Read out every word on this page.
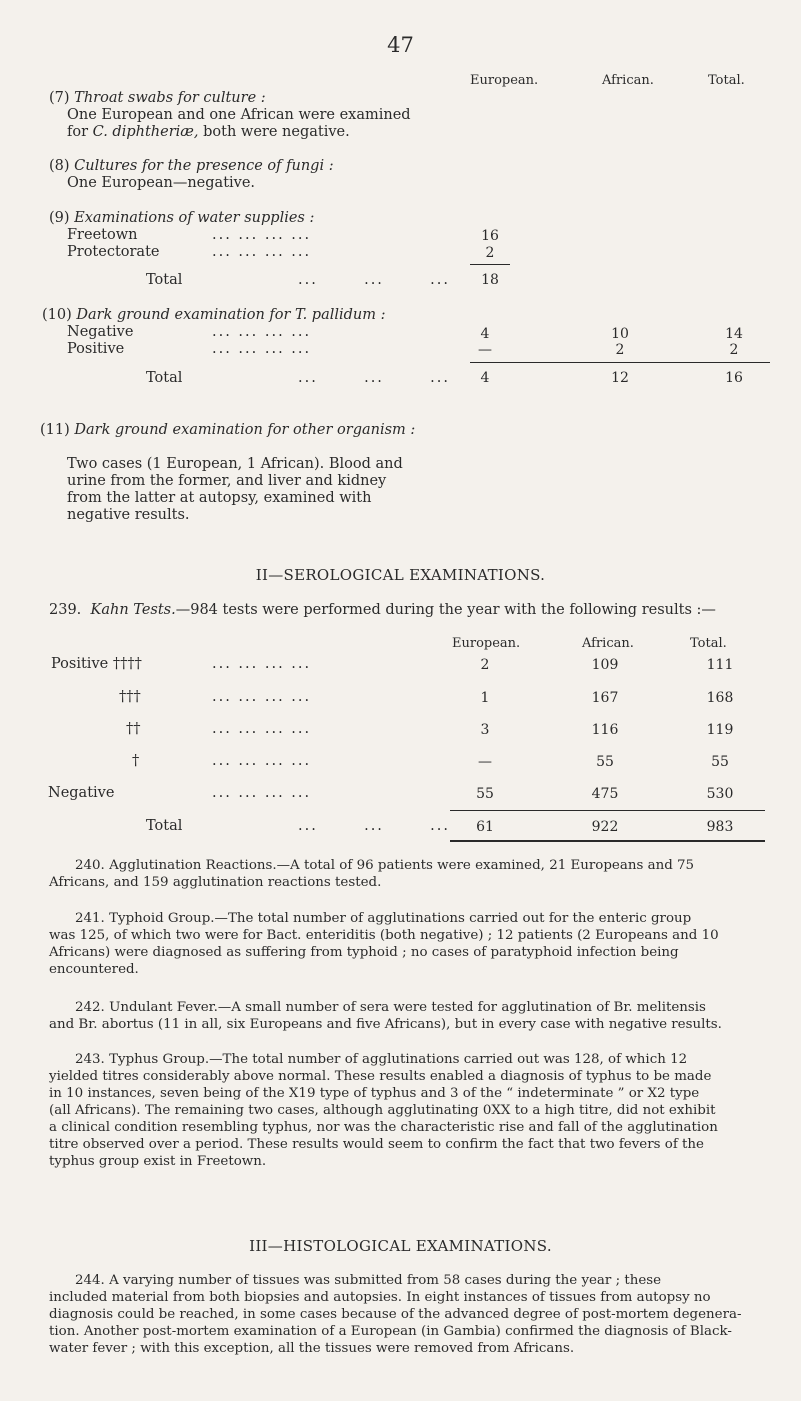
47
European.	African.	Total.
(7) Throat swabs for culture :
One European and one African were examined
for C. diphtheriæ, both were negative.
(8) Cultures for the presence of fungi :
One European—negative.
(9) Examinations of water supplies :
Freetown	... ... ... ...	16
Protectorate	... ... ... ...	2
Total	...       ...       ...	18
(10) Dark ground examination for T. pallidum :
Negative	... ... ... ...	4	10	14
Positive	... ... ... ...	—	2	2
Total	...       ...       ...	4	12	16
(11) Dark ground examination for other organism :
Two cases (1 European, 1 African). Blood and
urine from the former, and liver and kidney
from the latter at autopsy, examined with
negative results.
II—SEROLOGICAL EXAMINATIONS.
239. Kahn Tests.—984 tests were performed during the year with the following results :—
European.	African.	Total.
Positive ††††	... ... ... ...	2	109	111
†††	... ... ... ...	1	167	168
††	... ... ... ...	3	116	119
†	... ... ... ...	—	55	55
Negative	... ... ... ...	55	475	530
Total	...       ...       ...	61	922	983
240. Agglutination Reactions.—A total of 96 patients were examined, 21 Europeans and 75
Africans, and 159 agglutination reactions tested.
241. Typhoid Group.—The total number of agglutinations carried out for the enteric group
was 125, of which two were for Bact. enteriditis (both negative) ; 12 patients (2 Europeans and 10
Africans) were diagnosed as suffering from typhoid ; no cases of paratyphoid infection being
encountered.
242. Undulant Fever.—A small number of sera were tested for agglutination of Br. melitensis
and Br. abortus (11 in all, six Europeans and five Africans), but in every case with negative results.
243. Typhus Group.—The total number of agglutinations carried out was 128, of which 12
yielded titres considerably above normal. These results enabled a diagnosis of typhus to be made
in 10 instances, seven being of the X19 type of typhus and 3 of the “ indeterminate ” or X2 type
(all Africans). The remaining two cases, although agglutinating 0XX to a high titre, did not exhibit
a clinical condition resembling typhus, nor was the characteristic rise and fall of the agglutination
titre observed over a period. These results would seem to confirm the fact that two fevers of the
typhus group exist in Freetown.
III—HISTOLOGICAL EXAMINATIONS.
244. A varying number of tissues was submitted from 58 cases during the year ; these
included material from both biopsies and autopsies. In eight instances of tissues from autopsy no
diagnosis could be reached, in some cases because of the advanced degree of post-mortem degenera-
tion. Another post-mortem examination of a European (in Gambia) confirmed the diagnosis of Black-
water fever ; with this exception, all the tissues were removed from Africans.
